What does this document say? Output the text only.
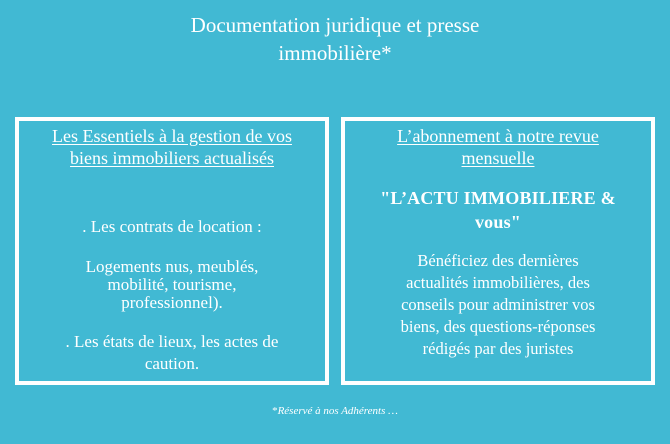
Documentation juridique et presse
immobilière*
Les Essentiels à la gestion de vos
biens immobiliers actualisés

. Les contrats de location :

Logements nus, meublés,
mobilité, tourisme,
professionnel).

. Les états de lieux, les actes de
caution.

L’abonnement à notre revue
mensuelle

"L’ACTU IMMOBILIERE &
vous"

Bénéficiez des dernières
actualités immobilières, des
conseils pour administrer vos
biens, des questions-réponses
rédigés par des juristes

*Réservé à nos Adhérents …
